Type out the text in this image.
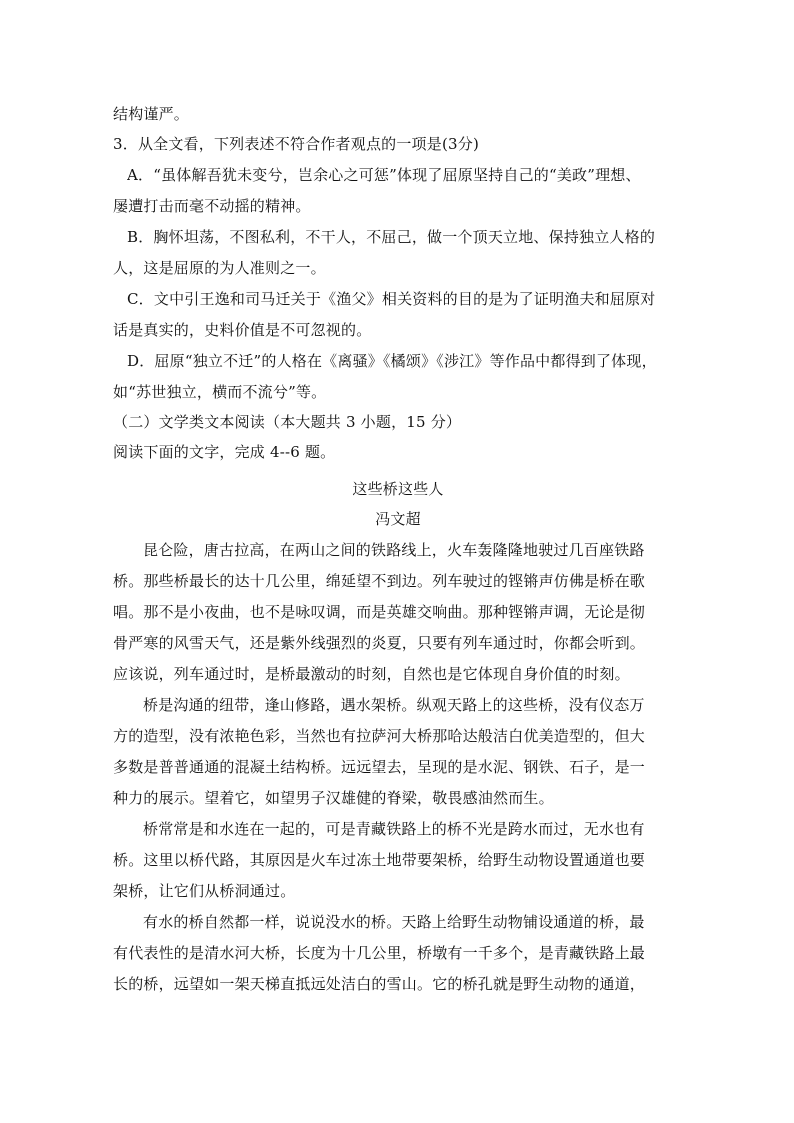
结构谨严。
3．从全文看，下列表述不符合作者观点的一项是(3分)
A．“虽体解吾犹未变兮，岂余心之可惩”体现了屈原坚持自己的“美政”理想、
屡遭打击而毫不动摇的精神。
B．胸怀坦荡，不图私利，不干人，不屈己，做一个顶天立地、保持独立人格的
人，这是屈原的为人准则之一。
C．文中引王逸和司马迁关于《渔父》相关资料的目的是为了证明渔夫和屈原对
话是真实的，史料价值是不可忽视的。
D．屈原“独立不迁”的人格在《离骚》《橘颂》《涉江》等作品中都得到了体现，
如“苏世独立，横而不流兮”等。
（二）文学类文本阅读（本大题共 3 小题，15 分）
阅读下面的文字，完成 4--6 题。
这些桥这些人
冯文超
昆仑险，唐古拉高，在两山之间的铁路线上，火车轰隆隆地驶过几百座铁路
桥。那些桥最长的达十几公里，绵延望不到边。列车驶过的铿锵声仿佛是桥在歌
唱。那不是小夜曲，也不是咏叹调，而是英雄交响曲。那种铿锵声调，无论是彻
骨严寒的风雪天气，还是紫外线强烈的炎夏，只要有列车通过时，你都会听到。
应该说，列车通过时，是桥最激动的时刻，自然也是它体现自身价值的时刻。
桥是沟通的纽带，逢山修路，遇水架桥。纵观天路上的这些桥，没有仪态万
方的造型，没有浓艳色彩，当然也有拉萨河大桥那哈达般洁白优美造型的，但大
多数是普普通通的混凝土结构桥。远远望去，呈现的是水泥、钢铁、石子，是一
种力的展示。望着它，如望男子汉雄健的脊梁，敬畏感油然而生。
桥常常是和水连在一起的，可是青藏铁路上的桥不光是跨水而过，无水也有
桥。这里以桥代路，其原因是火车过冻土地带要架桥，给野生动物设置通道也要
架桥，让它们从桥洞通过。
有水的桥自然都一样，说说没水的桥。天路上给野生动物铺设通道的桥，最
有代表性的是清水河大桥，长度为十几公里，桥墩有一千多个，是青藏铁路上最
长的桥，远望如一架天梯直抵远处洁白的雪山。它的桥孔就是野生动物的通道，
